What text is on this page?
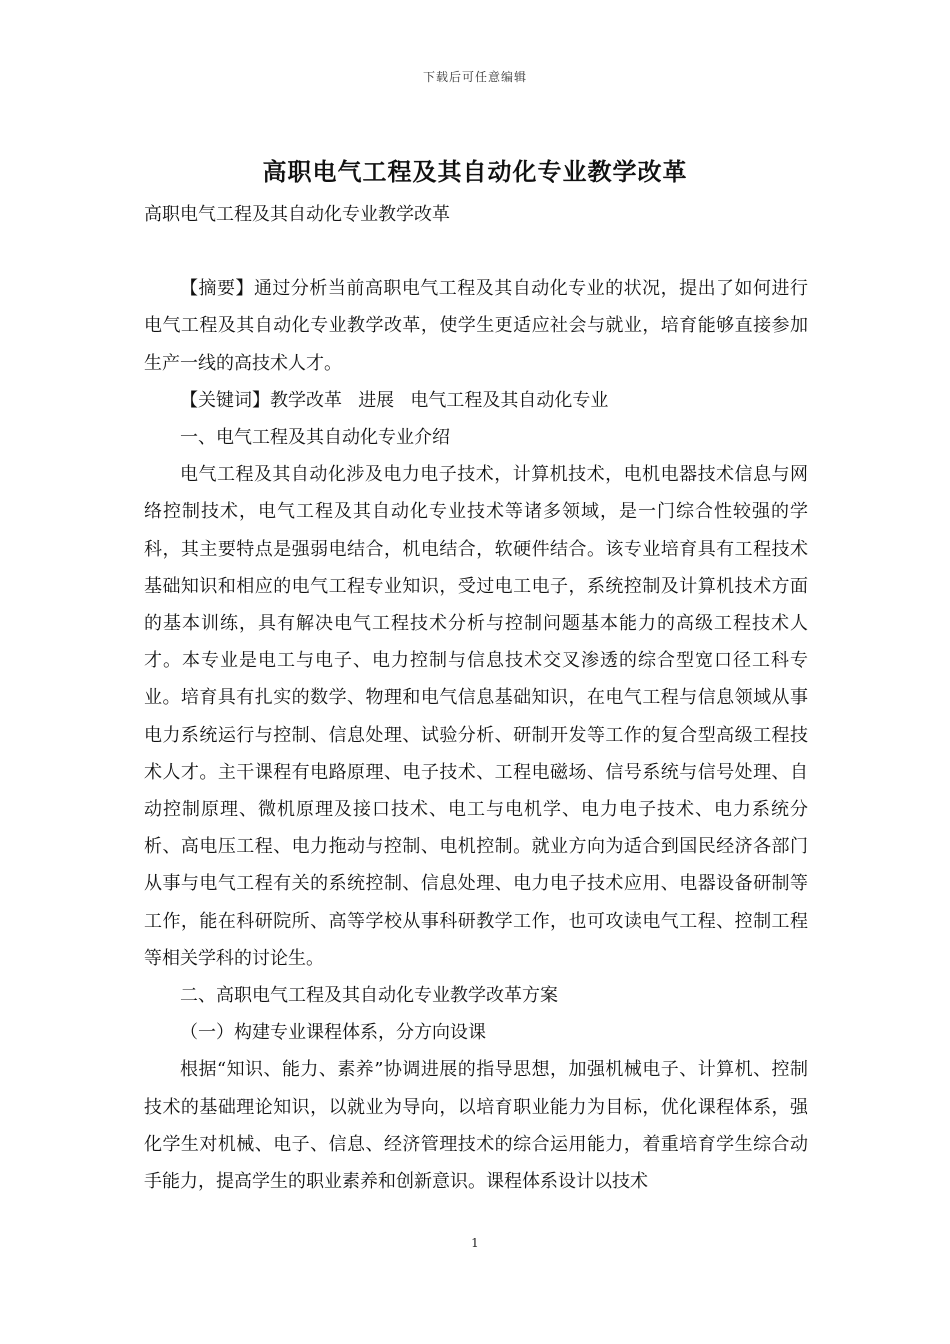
下载后可任意编辑
高职电气工程及其自动化专业教学改革

高职电气工程及其自动化专业教学改革

【摘要】通过分析当前高职电气工程及其自动化专业的状况，提出了如何进行电气工程及其自动化专业教学改革，使学生更适应社会与就业，培育能够直接参加生产一线的高技术人才。

【关键词】教学改革 进展 电气工程及其自动化专业

一、电气工程及其自动化专业介绍

电气工程及其自动化涉及电力电子技术，计算机技术，电机电器技术信息与网络控制技术，电气工程及其自动化专业技术等诸多领域，是一门综合性较强的学科，其主要特点是强弱电结合，机电结合，软硬件结合。该专业培育具有工程技术基础知识和相应的电气工程专业知识，受过电工电子，系统控制及计算机技术方面的基本训练，具有解决电气工程技术分析与控制问题基本能力的高级工程技术人才。本专业是电工与电子、电力控制与信息技术交叉渗透的综合型宽口径工科专业。培育具有扎实的数学、物理和电气信息基础知识，在电气工程与信息领域从事电力系统运行与控制、信息处理、试验分析、研制开发等工作的复合型高级工程技术人才。主干课程有电路原理、电子技术、工程电磁场、信号系统与信号处理、自动控制原理、微机原理及接口技术、电工与电机学、电力电子技术、电力系统分析、高电压工程、电力拖动与控制、电机控制。就业方向为适合到国民经济各部门从事与电气工程有关的系统控制、信息处理、电力电子技术应用、电器设备研制等工作，能在科研院所、高等学校从事科研教学工作，也可攻读电气工程、控制工程等相关学科的讨论生。

二、高职电气工程及其自动化专业教学改革方案

（一）构建专业课程体系，分方向设课

根据“知识、能力、素养”协调进展的指导思想，加强机械电子、计算机、控制技术的基础理论知识，以就业为导向，以培育职业能力为目标，优化课程体系，强化学生对机械、电子、信息、经济管理技术的综合运用能力，着重培育学生综合动手能力，提高学生的职业素养和创新意识。课程体系设计以技术

1
